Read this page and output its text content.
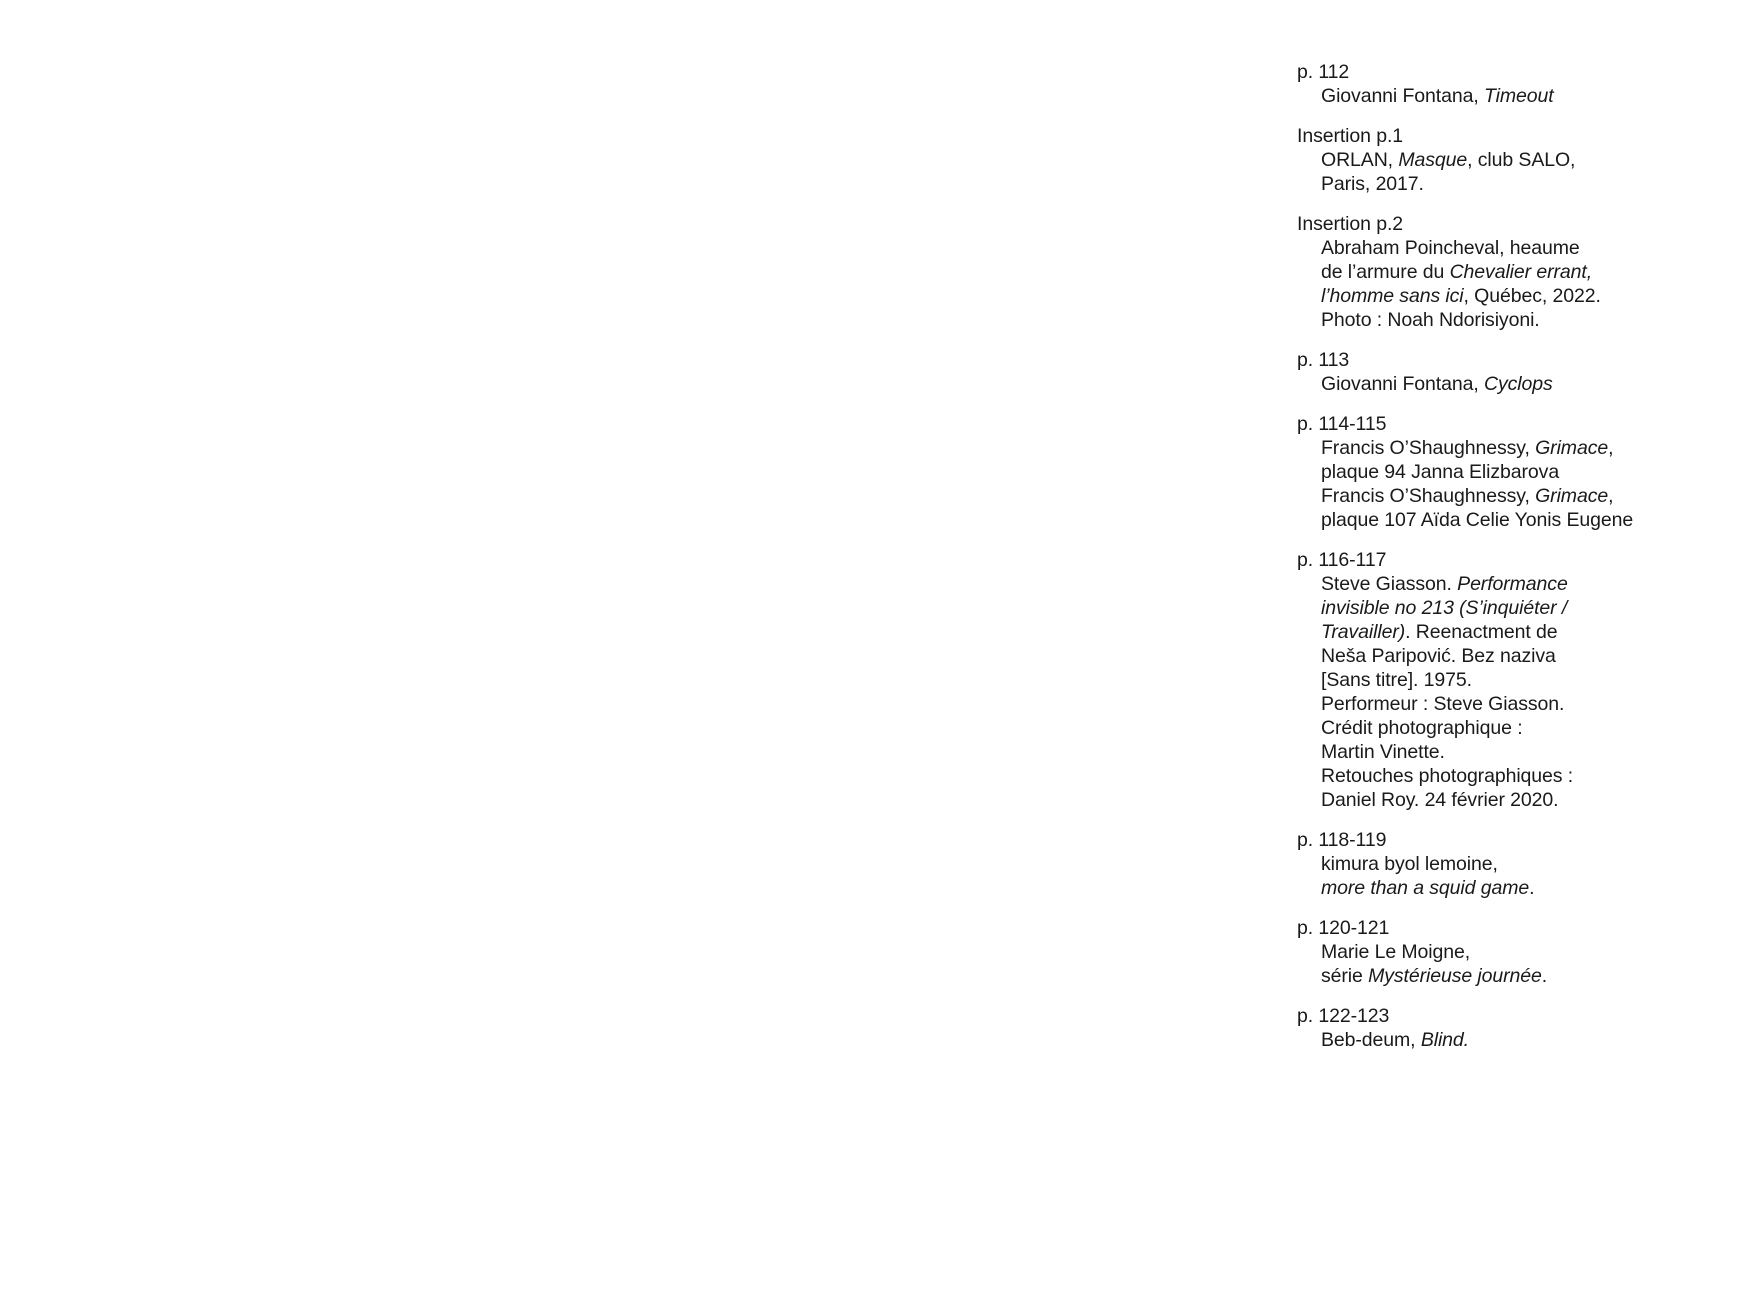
p. 112
Giovanni Fontana, Timeout
Insertion p.1
ORLAN, Masque, club SALO,
Paris, 2017.
Insertion p.2
Abraham Poincheval, heaume
de l’armure du Chevalier errant,
l’homme sans ici, Québec, 2022.
Photo : Noah Ndorisiyoni.
p. 113
Giovanni Fontana, Cyclops
p. 114-115
Francis O’Shaughnessy, Grimace,
plaque 94 Janna Elizbarova
Francis O’Shaughnessy, Grimace,
plaque 107 Aïda Celie Yonis Eugene
p. 116-117
Steve Giasson. Performance
invisible no 213 (S’inquiéter /
Travailler). Reenactment de
Neša Paripović. Bez naziva
[Sans titre]. 1975.
Performeur : Steve Giasson.
Crédit photographique :
Martin Vinette.
Retouches photographiques :
Daniel Roy. 24 février 2020.
p. 118-119
kimura byol lemoine,
more than a squid game.
p. 120-121
Marie Le Moigne,
série Mystérieuse journée.
p. 122-123
Beb-deum, Blind.
